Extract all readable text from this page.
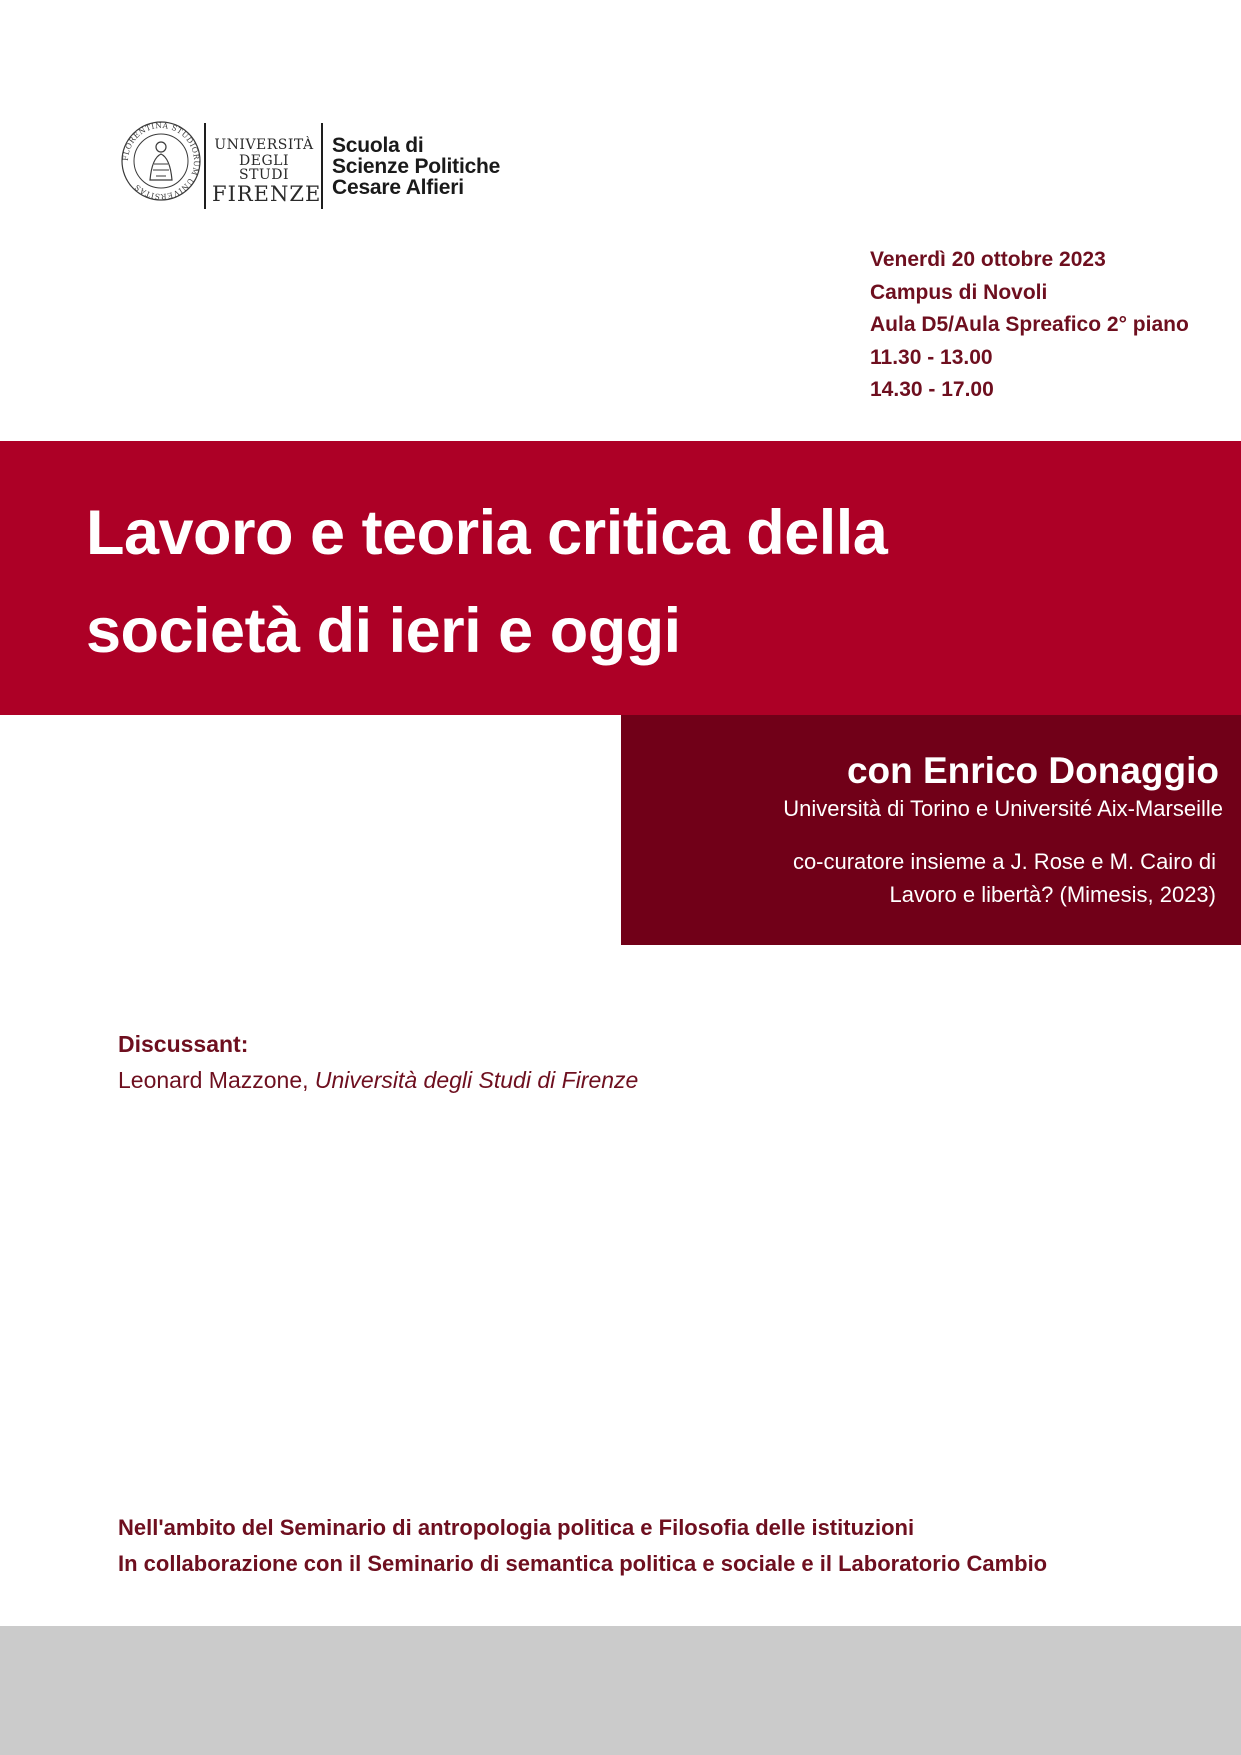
FLORENTINA STUDIORUM UNIVERSITAS
UNIVERSITÀ
DEGLI STUDI
FIRENZE
Scuola di
Scienze Politiche
Cesare Alfieri
Venerdì 20 ottobre 2023
Campus di Novoli
Aula D5/Aula Spreafico 2° piano
11.30 - 13.00
14.30 - 17.00
Lavoro e teoria critica della
società di ieri e oggi
con Enrico Donaggio
Università di Torino e Université Aix-Marseille
co-curatore insieme a J. Rose e M. Cairo di
Lavoro e libertà? (Mimesis, 2023)
Discussant:
Leonard Mazzone, Università degli Studi di Firenze
Nell'ambito del Seminario di antropologia politica e Filosofia delle istituzioni
In collaborazione con il Seminario di semantica politica e sociale e il Laboratorio Cambio
